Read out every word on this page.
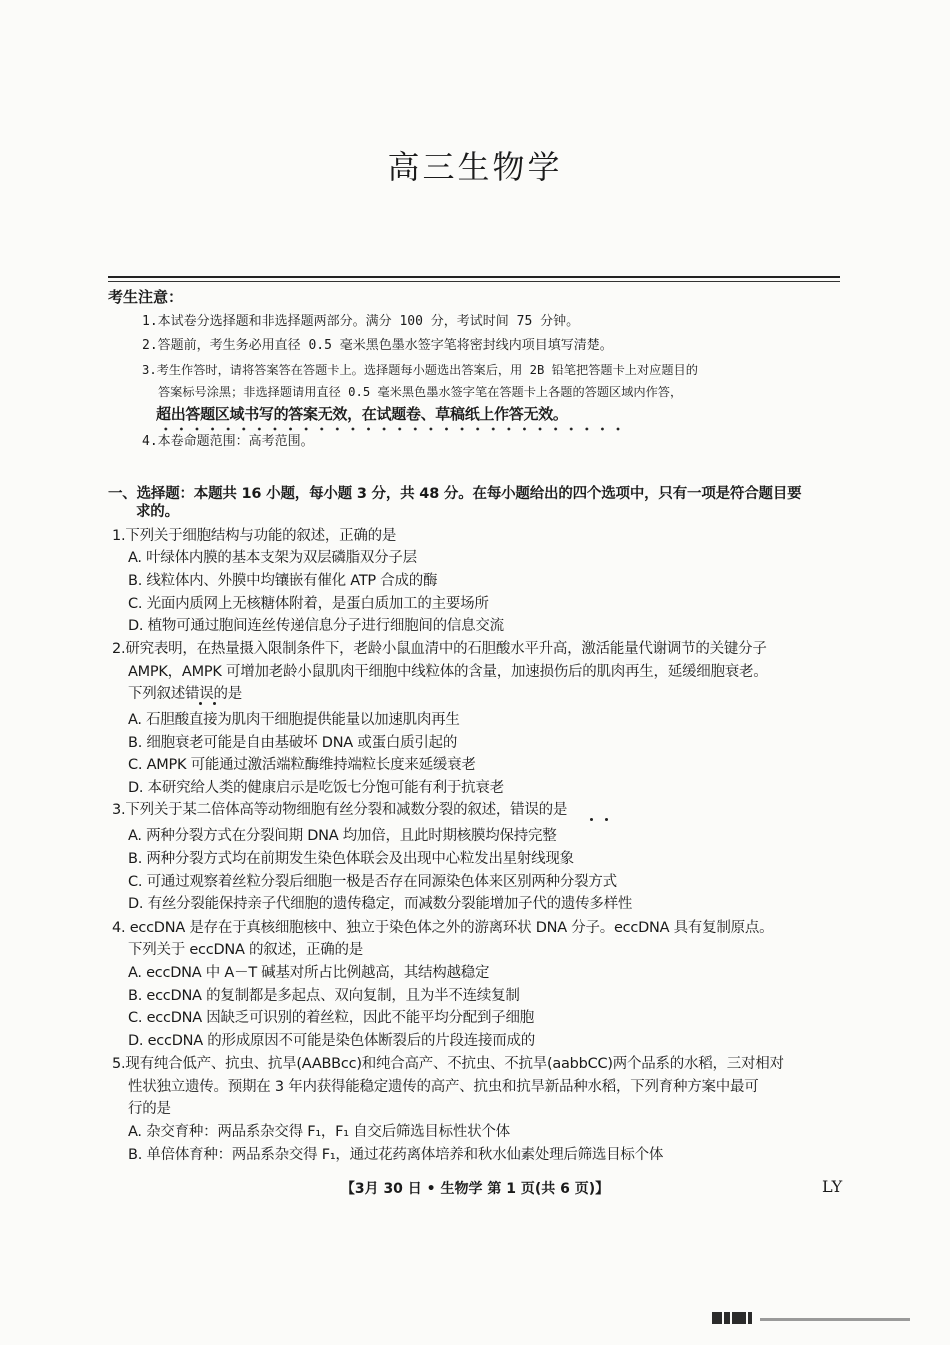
高三生物学
考生注意：
1.本试卷分选择题和非选择题两部分。满分 100 分，考试时间 75 分钟。
2.答题前，考生务必用直径 0.5 毫米黑色墨水签字笔将密封线内项目填写清楚。
3.考生作答时，请将答案答在答题卡上。选择题每小题选出答案后，用 2B 铅笔把答题卡上对应题目的
答案标号涂黑；非选择题请用直径 0.5 毫米黑色墨水签字笔在答题卡上各题的答题区域内作答，
超出答题区域书写的答案无效，在试题卷、草稿纸上作答无效。
4.本卷命题范围：高考范围。
一、选择题：本题共 16 小题，每小题 3 分，共 48 分。在每小题给出的四个选项中，只有一项是符合题目要
求的。
1.下列关于细胞结构与功能的叙述，正确的是
A. 叶绿体内膜的基本支架为双层磷脂双分子层
B. 线粒体内、外膜中均镶嵌有催化 ATP 合成的酶
C. 光面内质网上无核糖体附着，是蛋白质加工的主要场所
D. 植物可通过胞间连丝传递信息分子进行细胞间的信息交流
2.研究表明，在热量摄入限制条件下，老龄小鼠血清中的石胆酸水平升高，激活能量代谢调节的关键分子
AMPK，AMPK 可增加老龄小鼠肌肉干细胞中线粒体的含量，加速损伤后的肌肉再生，延缓细胞衰老。
下列叙述错误的是
A. 石胆酸直接为肌肉干细胞提供能量以加速肌肉再生
B. 细胞衰老可能是自由基破坏 DNA 或蛋白质引起的
C. AMPK 可能通过激活端粒酶维持端粒长度来延缓衰老
D. 本研究给人类的健康启示是吃饭七分饱可能有利于抗衰老
3.下列关于某二倍体高等动物细胞有丝分裂和减数分裂的叙述，错误的是
A. 两种分裂方式在分裂间期 DNA 均加倍，且此时期核膜均保持完整
B. 两种分裂方式均在前期发生染色体联会及出现中心粒发出星射线现象
C. 可通过观察着丝粒分裂后细胞一极是否存在同源染色体来区别两种分裂方式
D. 有丝分裂能保持亲子代细胞的遗传稳定，而减数分裂能增加子代的遗传多样性
4. eccDNA 是存在于真核细胞核中、独立于染色体之外的游离环状 DNA 分子。eccDNA 具有复制原点。
下列关于 eccDNA 的叙述，正确的是
A. eccDNA 中 A－T 碱基对所占比例越高，其结构越稳定
B. eccDNA 的复制都是多起点、双向复制，且为半不连续复制
C. eccDNA 因缺乏可识别的着丝粒，因此不能平均分配到子细胞
D. eccDNA 的形成原因不可能是染色体断裂后的片段连接而成的
5.现有纯合低产、抗虫、抗旱(AABBcc)和纯合高产、不抗虫、不抗旱(aabbCC)两个品系的水稻，三对相对
性状独立遗传。预期在 3 年内获得能稳定遗传的高产、抗虫和抗旱新品种水稻，下列育种方案中最可
行的是
A. 杂交育种：两品系杂交得 F₁，F₁ 自交后筛选目标性状个体
B. 单倍体育种：两品系杂交得 F₁，通过花药离体培养和秋水仙素处理后筛选目标个体
【3月 30 日 • 生物学 第 1 页(共 6 页)】	LY
